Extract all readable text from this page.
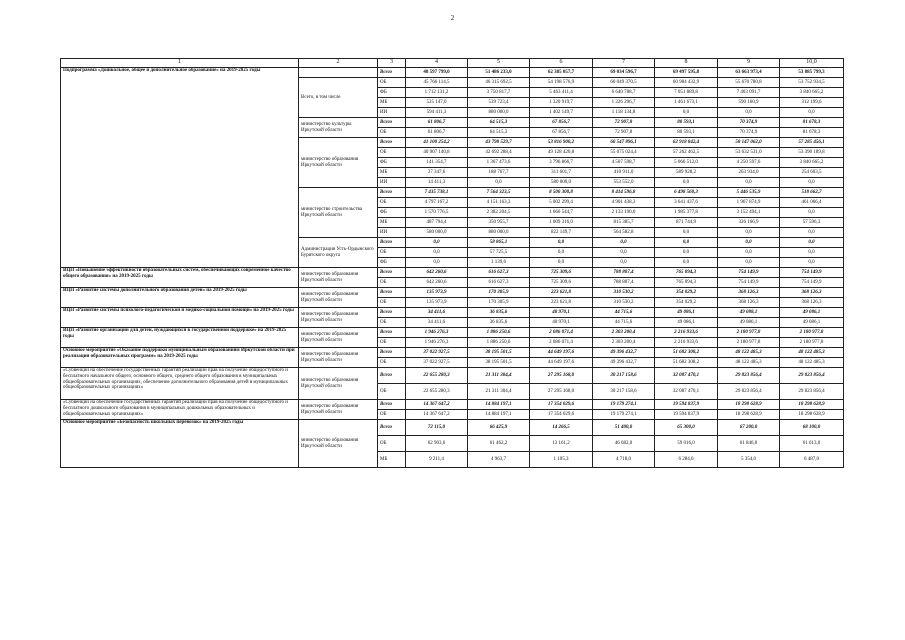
2
1	2	3	4	5	6	7	8	9	10,0
Подпрограмма «Дошкольное, общее и дополнительное образование» на 2019-2025 годы		Всего	48 597 799,0	51 486 233,0	62 385 057,7	69 034 596,7	69 497 595,8	63 663 973,4	53 885 799,3
	Всего, в том числе	ОБ	45 766 114,5	46 315 692,5	54 198 576,9	60 049 370,5	60 984 432,9	55 670 780,8	53 752 934,5
		ФБ	1 712 131,2	3 750 817,7	5 463 411,4	6 640 788,7	7 051 889,8	7 403 091,7	3 840 665,2
		МБ	525 147,0	539 723,4	1 320 919,7	1 226 296,7	1 461 673,1	590 160,9	312 199,6
		ИИ	594 411,3	880 000,0	1 402 149,7	1 118 134,8	0,0	0,0	0,0
	министерство культуры Иркутской области	Всего	61 806,7	64 515,3	67 856,7	72 907,8	80 593,1	70 374,9	81 678,3
		ОБ	61 806,7	64 515,3	67 856,7	72 907,8	80 593,1	70 374,9	81 678,3
	министерство образования Иркутской области	Всего	41 100 254,2	43 798 529,7	53 816 900,2	60 547 896,1	62 918 842,4	58 147 062,0	57 285 456,1
		ОБ	40 907 140,8	42 692 288,4	49 128 420,8	55 075 024,4	57 262 462,5	53 632 531,0	53 390 189,8
		ФБ	141 354,7	1 367 473,6	3 796 866,7	4 507 598,7	5 066 512,0	4 250 597,6	3 840 665,2
		МБ	37 347,6	188 767,7	311 601,7	410 911,0	589 928,2	263 934,0	254 603,5
		ИИ	14 411,3	0,0	580 000,0	553 552,0	0,0	0,0	0,0
	министерство строительства Иркутской области	Всего	7 435 738,1	7 564 323,5	8 500 300,8	8 414 596,8	6 498 560,3	5 446 535,9	518 662,7
		ОБ	4 797 167,2	4 151 163,3	5 002 299,4	4 901 438,3	3 641 437,6	1 967 874,9	461 066,4
		ФБ	1 570 776,5	2 382 204,5	1 666 544,7	2 133 190,0	1 985 377,8	3 152 494,1	0,0
		МБ	487 794,4	350 955,7	1 009 316,0	815 385,7	871 744,9	326 166,9	57 596,3
		ИИ	580 000,0	880 000,0	822 149,7	564 582,8	0,0	0,0	0,0
	Администрация Усть-Ордынского Бурятского округа	Всего	0,0	58 865,1	0,0	0,0	0,0	0,0	0,0
		ОБ	0,0	57 725,5	0,0	0,0	0,0	0,0	0,0
		ФБ	0,0	1 139,6	0,0	0,0	0,0	0,0	0,0
ВЦП «Повышение эффективности образовательных систем, обеспечивающих современное качество общего образования» на 2019-2025 годы	министерство образования Иркутской области	Всего	642 260,6	616 627,3	725 309,6	788 807,4	765 094,3	754 149,9	754 149,9
		ОБ	642 260,6	616 627,3	725 309,6	788 807,4	765 094,3	754 149,9	754 149,9
ВЦП «Развитие системы дополнительного образования детей» на 2019-2025 годы	министерство образования Иркутской области	Всего	135 973,9	170 305,9	223 621,8	310 530,2	354 029,2	368 126,3	368 126,3
		ОБ	135 973,9	170 305,9	223 621,8	310 530,2	354 029,2	368 126,3	368 126,3
ВЦП «Развитие системы психолого-педагогической и медико-социальной помощи» на 2019-2025 годы	министерство образования Иркутской области	Всего	34 411,6	36 835,6	40 970,1	44 715,6	49 086,1	49 088,1	49 086,1
		ОБ	34 411,6	36 835,6	40 970,1	44 715,6	49 086,1	49 086,1	49 086,1
ВЦП «Развитие организаций для детей, нуждающихся в государственной поддержке» на 2019-2025 годы	министерство образования Иркутской области	Всего	1 946 276,3	1 886 250,6	2 086 071,4	2 303 200,4	2 216 933,6	2 180 977,8	2 180 977,8
		ОБ	1 946 276,3	1 886 250,6	2 086 071,4	2 303 200,4	2 216 933,6	2 180 977,8	2 180 977,8
Основное мероприятие «Оказание поддержки муниципальным образованиям Иркутской области при реализации образовательных программ» на 2019-2025 годы	министерство образования Иркутской области	Всего	37 022 927,5	38 195 501,5	44 649 197,6	49 396 432,7	51 682 308,2	48 122 485,3	48 122 485,3
		ОБ	37 022 927,5	38 195 501,5	44 649 197,6	49 396 432,7	51 682 308,2	48 122 485,3	48 122 485,3
«Субвенции на обеспечение государственных гарантий реализации прав на получение общедоступного и бесплатного начального общего, основного общего, среднего общего образования в муниципальных общеобразовательных организациях, обеспечение дополнительного образования детей в муниципальных общеобразовательных организациях»	министерство образования Иркутской области	Всего	22 655 280,3	21 311 304,4	27 295 168,0	30 217 158,6	32 087 470,1	29 823 856,4	29 823 856,4
		ОБ	22 655 280,3	21 311 304,4	27 295 168,0	30 217 158,6	32 087 470,1	29 823 856,4	29 823 856,4
«Субвенции на обеспечение государственных гарантий реализации прав на получение общедоступного и бесплатного дошкольного образования в муниципальных дошкольных образовательных и общеобразовательных организациях»	министерство образования Иркутской области	Всего	14 367 647,2	14 884 197,1	17 354 029,6	19 179 274,1	19 594 837,9	18 298 628,9	18 298 628,9
		ОБ	14 367 647,2	14 884 197,1	17 354 029,6	19 179 274,1	19 594 837,9	18 298 628,9	18 298 628,9
Основное мероприятие «Безопасность школьных перевозок» на 2019-2025 годы	министерство образования Иркутской области	Всего	72 115,0	66 425,9	14 266,5	51 400,0	65 300,0	67 200,0	68 100,0
		ОБ	62 903,6	61 462,2	13 161,2	46 682,0	59 016,0	61 846,0	61 613,0
		МБ	9 211,4	4 963,7	1 105,3	4 718,0	6 284,0	5 354,0	6 487,0
